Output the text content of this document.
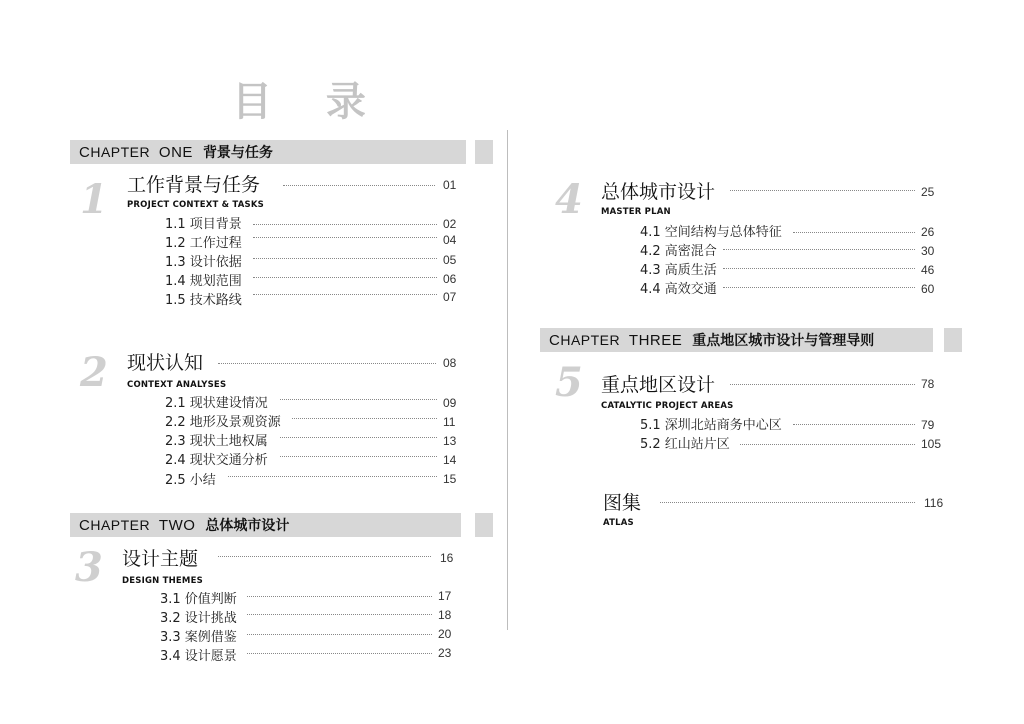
目 录
CHAPTER ONE 背景与任务
CHAPTER TWO 总体城市设计
CHAPTER THREE 重点地区城市设计与管理导则
1 工作背景与任务	01
PROJECT CONTEXT & TASKS
1.1 项目背景	02
1.2 工作过程	04
1.3 设计依据	05
1.4 规划范围	06
1.5 技术路线	07
2 现状认知	08
CONTEXT ANALYSES
2.1 现状建设情况	09
2.2 地形及景观资源	11
2.3 现状土地权属	13
2.4 现状交通分析	14
2.5 小结	15
3 设计主题	16
DESIGN THEMES
3.1 价值判断	17
3.2 设计挑战	18
3.3 案例借鉴	20
3.4 设计愿景	23
4 总体城市设计	25
MASTER PLAN
4.1 空间结构与总体特征	26
4.2 高密混合	30
4.3 高质生活	46
4.4 高效交通	60
5 重点地区设计	78
CATALYTIC PROJECT AREAS
5.1 深圳北站商务中心区	79
5.2 红山站片区	105
图集	116
ATLAS
